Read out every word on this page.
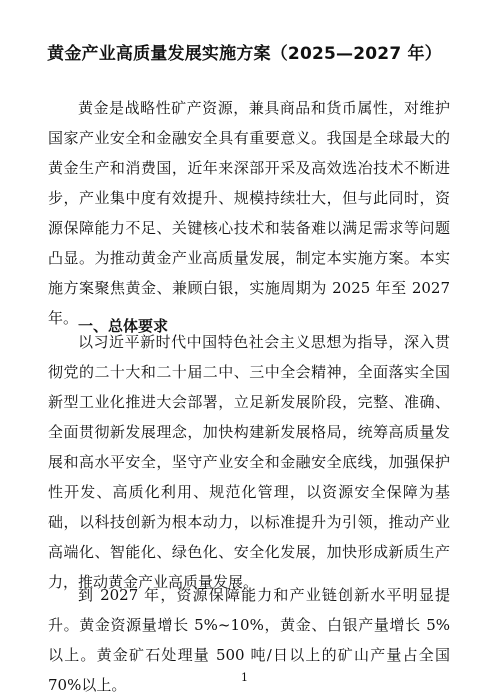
黄金产业高质量发展实施方案（2025—2027 年）
黄金是战略性矿产资源，兼具商品和货币属性，对维护国家产业安全和金融安全具有重要意义。我国是全球最大的黄金生产和消费国，近年来深部开采及高效选冶技术不断进步，产业集中度有效提升、规模持续壮大，但与此同时，资源保障能力不足、关键核心技术和装备难以满足需求等问题凸显。为推动黄金产业高质量发展，制定本实施方案。本实施方案聚焦黄金、兼顾白银，实施周期为 2025 年至 2027 年。 一、总体要求
以习近平新时代中国特色社会主义思想为指导，深入贯彻党的二十大和二十届二中、三中全会精神，全面落实全国新型工业化推进大会部署，立足新发展阶段，完整、准确、全面贯彻新发展理念，加快构建新发展格局，统筹高质量发展和高水平安全，坚守产业安全和金融安全底线，加强保护性开发、高质化利用、规范化管理，以资源安全保障为基础，以科技创新为根本动力，以标准提升为引领，推动产业高端化、智能化、绿色化、安全化发展，加快形成新质生产力，推动黄金产业高质量发展。
到 2027 年，资源保障能力和产业链创新水平明显提升。黄金资源量增长 5%~10%，黄金、白银产量增长 5%以上。黄金矿石处理量 500 吨/日以上的矿山产量占全国 70%以上。	1
